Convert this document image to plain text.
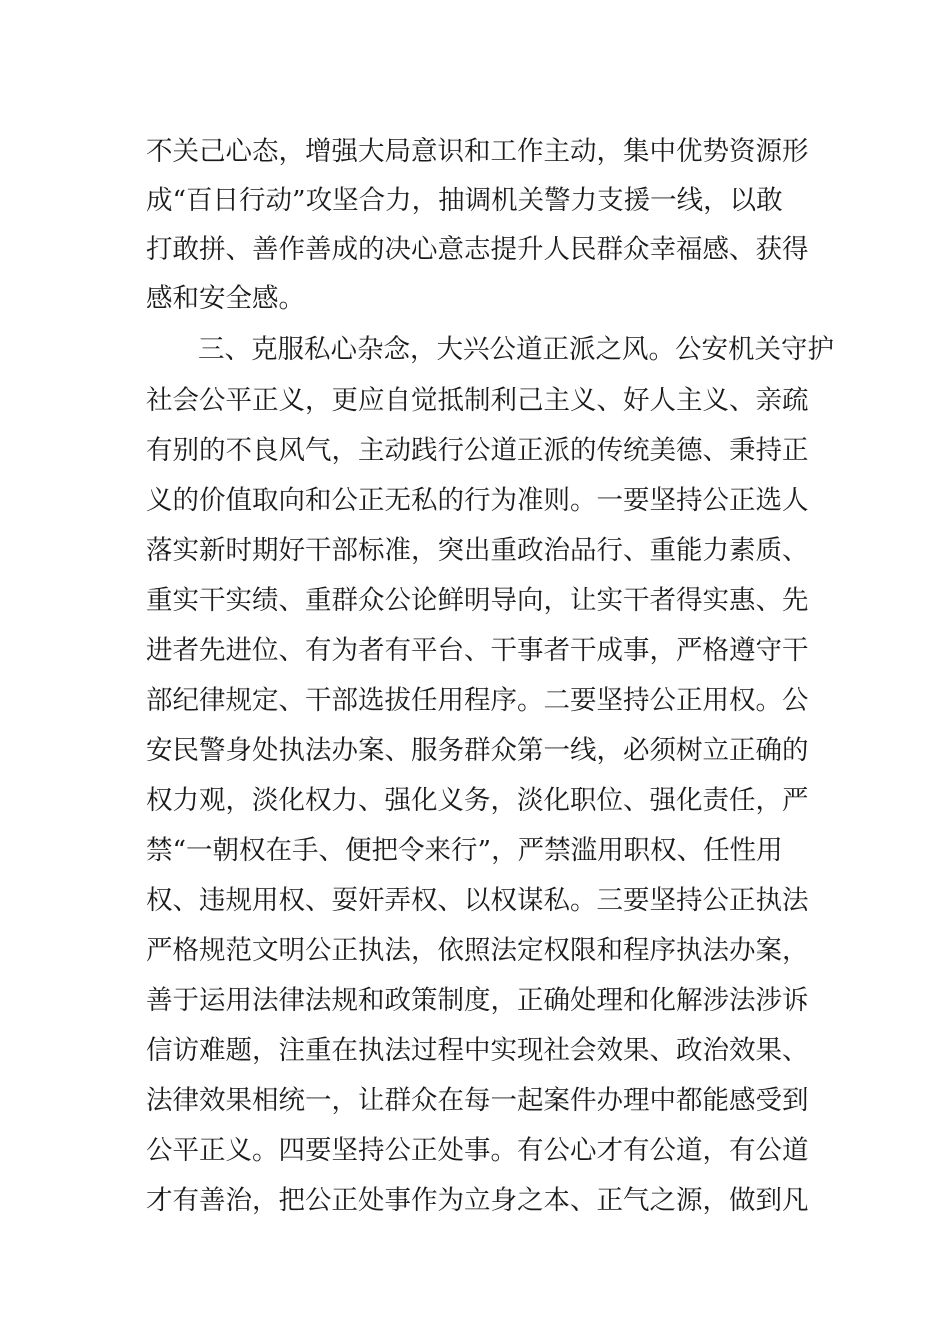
不关己心态，增强大局意识和工作主动，集中优势资源形
成“百日行动”攻坚合力，抽调机关警力支援一线，以敢
打敢拼、善作善成的决心意志提升人民群众幸福感、获得
感和安全感。
三、克服私心杂念，大兴公道正派之风。公安机关守护
社会公平正义，更应自觉抵制利己主义、好人主义、亲疏
有别的不良风气，主动践行公道正派的传统美德、秉持正
义的价值取向和公正无私的行为准则。一要坚持公正选人
落实新时期好干部标准，突出重政治品行、重能力素质、
重实干实绩、重群众公论鲜明导向，让实干者得实惠、先
进者先进位、有为者有平台、干事者干成事，严格遵守干
部纪律规定、干部选拔任用程序。二要坚持公正用权。公
安民警身处执法办案、服务群众第一线，必须树立正确的
权力观，淡化权力、强化义务，淡化职位、强化责任，严
禁“一朝权在手、便把令来行”，严禁滥用职权、任性用
权、违规用权、耍奸弄权、以权谋私。三要坚持公正执法
严格规范文明公正执法，依照法定权限和程序执法办案，
善于运用法律法规和政策制度，正确处理和化解涉法涉诉
信访难题，注重在执法过程中实现社会效果、政治效果、
法律效果相统一，让群众在每一起案件办理中都能感受到
公平正义。四要坚持公正处事。有公心才有公道，有公道
才有善治，把公正处事作为立身之本、正气之源，做到凡
